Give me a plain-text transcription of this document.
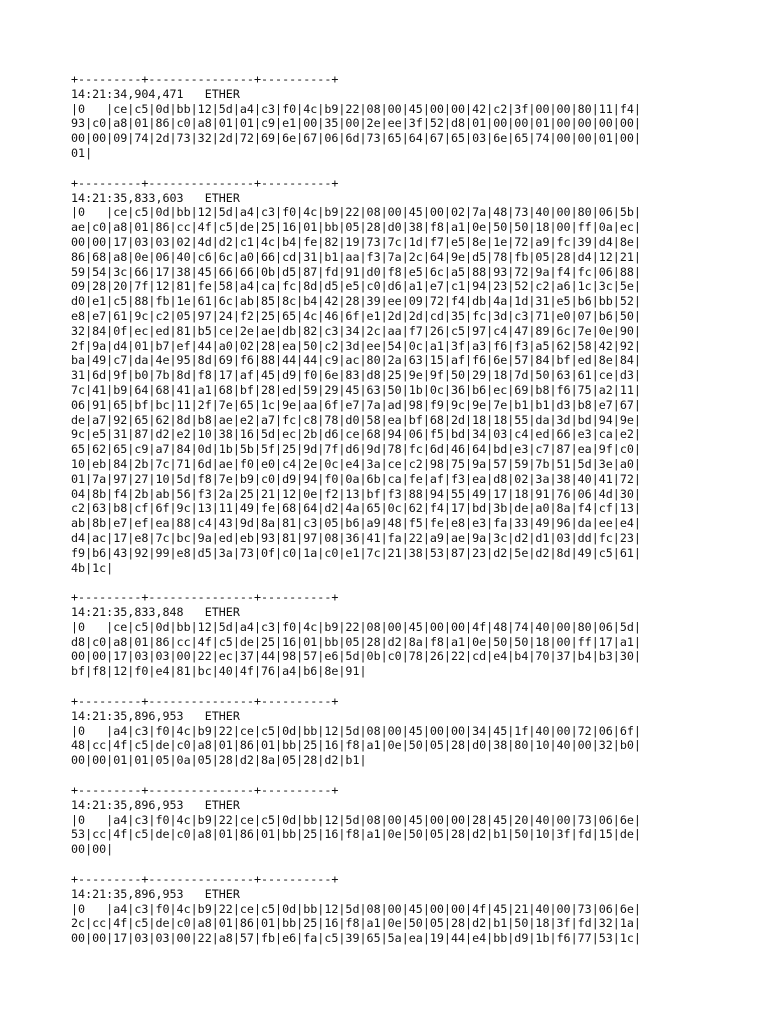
+---------+---------------+----------+
14:21:34,904,471   ETHER
|0   |ce|c5|0d|bb|12|5d|a4|c3|f0|4c|b9|22|08|00|45|00|00|42|c2|3f|00|00|80|11|f4|
93|c0|a8|01|86|c0|a8|01|01|c9|e1|00|35|00|2e|ee|3f|52|d8|01|00|00|01|00|00|00|00|
00|00|09|74|2d|73|32|2d|72|69|6e|67|06|6d|73|65|64|67|65|03|6e|65|74|00|00|01|00|
01|
+---------+---------------+----------+
14:21:35,833,603   ETHER
|0   |ce|c5|0d|bb|12|5d|a4|c3|f0|4c|b9|22|08|00|45|00|02|7a|48|73|40|00|80|06|5b|
ae|c0|a8|01|86|cc|4f|c5|de|25|16|01|bb|05|28|d0|38|f8|a1|0e|50|50|18|00|ff|0a|ec|
00|00|17|03|03|02|4d|d2|c1|4c|b4|fe|82|19|73|7c|1d|f7|e5|8e|1e|72|a9|fc|39|d4|8e|
86|68|a8|0e|06|40|c6|6c|a0|66|cd|31|b1|aa|f3|7a|2c|64|9e|d5|78|fb|05|28|d4|12|21|
59|54|3c|66|17|38|45|66|66|0b|d5|87|fd|91|d0|f8|e5|6c|a5|88|93|72|9a|f4|fc|06|88|
09|28|20|7f|12|81|fe|58|a4|ca|fc|8d|d5|e5|c0|d6|a1|e7|c1|94|23|52|c2|a6|1c|3c|5e|
d0|e1|c5|88|fb|1e|61|6c|ab|85|8c|b4|42|28|39|ee|09|72|f4|db|4a|1d|31|e5|b6|bb|52|
e8|e7|61|9c|c2|05|97|24|f2|25|65|4c|46|6f|e1|2d|2d|cd|35|fc|3d|c3|71|e0|07|b6|50|
32|84|0f|ec|ed|81|b5|ce|2e|ae|db|82|c3|34|2c|aa|f7|26|c5|97|c4|47|89|6c|7e|0e|90|
2f|9a|d4|01|b7|ef|44|a0|02|28|ea|50|c2|3d|ee|54|0c|a1|3f|a3|f6|f3|a5|62|58|42|92|
ba|49|c7|da|4e|95|8d|69|f6|88|44|44|c9|ac|80|2a|63|15|af|f6|6e|57|84|bf|ed|8e|84|
31|6d|9f|b0|7b|8d|f8|17|af|45|d9|f0|6e|83|d8|25|9e|9f|50|29|18|7d|50|63|61|ce|d3|
7c|41|b9|64|68|41|a1|68|bf|28|ed|59|29|45|63|50|1b|0c|36|b6|ec|69|b8|f6|75|a2|11|
06|91|65|bf|bc|11|2f|7e|65|1c|9e|aa|6f|e7|7a|ad|98|f9|9c|9e|7e|b1|b1|d3|b8|e7|67|
de|a7|92|65|62|8d|b8|ae|e2|a7|fc|c8|78|d0|58|ea|bf|68|2d|18|18|55|da|3d|bd|94|9e|
9c|e5|31|87|d2|e2|10|38|16|5d|ec|2b|d6|ce|68|94|06|f5|bd|34|03|c4|ed|66|e3|ca|e2|
65|62|65|c9|a7|84|0d|1b|5b|5f|25|9d|7f|d6|9d|78|fc|6d|46|64|bd|e3|c7|87|ea|9f|c0|
10|eb|84|2b|7c|71|6d|ae|f0|e0|c4|2e|0c|e4|3a|ce|c2|98|75|9a|57|59|7b|51|5d|3e|a0|
01|7a|97|27|10|5d|f8|7e|b9|c0|d9|94|f0|0a|6b|ca|fe|af|f3|ea|d8|02|3a|38|40|41|72|
04|8b|f4|2b|ab|56|f3|2a|25|21|12|0e|f2|13|bf|f3|88|94|55|49|17|18|91|76|06|4d|30|
c2|63|b8|cf|6f|9c|13|11|49|fe|68|64|d2|4a|65|0c|62|f4|17|bd|3b|de|a0|8a|f4|cf|13|
ab|8b|e7|ef|ea|88|c4|43|9d|8a|81|c3|05|b6|a9|48|f5|fe|e8|e3|fa|33|49|96|da|ee|e4|
d4|ac|17|e8|7c|bc|9a|ed|eb|93|81|97|08|36|41|fa|22|a9|ae|9a|3c|d2|d1|03|dd|fc|23|
f9|b6|43|92|99|e8|d5|3a|73|0f|c0|1a|c0|e1|7c|21|38|53|87|23|d2|5e|d2|8d|49|c5|61|
4b|1c|
+---------+---------------+----------+
14:21:35,833,848   ETHER
|0   |ce|c5|0d|bb|12|5d|a4|c3|f0|4c|b9|22|08|00|45|00|00|4f|48|74|40|00|80|06|5d|
d8|c0|a8|01|86|cc|4f|c5|de|25|16|01|bb|05|28|d2|8a|f8|a1|0e|50|50|18|00|ff|17|a1|
00|00|17|03|03|00|22|ec|37|44|98|57|e6|5d|0b|c0|78|26|22|cd|e4|b4|70|37|b4|b3|30|
bf|f8|12|f0|e4|81|bc|40|4f|76|a4|b6|8e|91|
+---------+---------------+----------+
14:21:35,896,953   ETHER
|0   |a4|c3|f0|4c|b9|22|ce|c5|0d|bb|12|5d|08|00|45|00|00|34|45|1f|40|00|72|06|6f|
48|cc|4f|c5|de|c0|a8|01|86|01|bb|25|16|f8|a1|0e|50|05|28|d0|38|80|10|40|00|32|b0|
00|00|01|01|05|0a|05|28|d2|8a|05|28|d2|b1|
+---------+---------------+----------+
14:21:35,896,953   ETHER
|0   |a4|c3|f0|4c|b9|22|ce|c5|0d|bb|12|5d|08|00|45|00|00|28|45|20|40|00|73|06|6e|
53|cc|4f|c5|de|c0|a8|01|86|01|bb|25|16|f8|a1|0e|50|05|28|d2|b1|50|10|3f|fd|15|de|
00|00|
+---------+---------------+----------+
14:21:35,896,953   ETHER
|0   |a4|c3|f0|4c|b9|22|ce|c5|0d|bb|12|5d|08|00|45|00|00|4f|45|21|40|00|73|06|6e|
2c|cc|4f|c5|de|c0|a8|01|86|01|bb|25|16|f8|a1|0e|50|05|28|d2|b1|50|18|3f|fd|32|1a|
00|00|17|03|03|00|22|a8|57|fb|e6|fa|c5|39|65|5a|ea|19|44|e4|bb|d9|1b|f6|77|53|1c|
